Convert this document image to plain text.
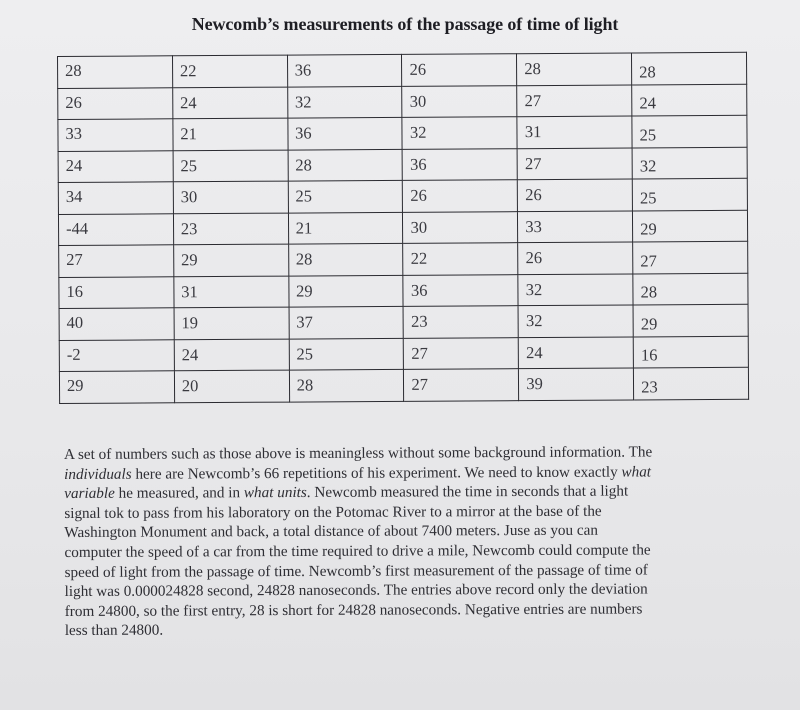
Newcomb’s measurements of the passage of time of light
28	22	36	26	28	28
26	24	32	30	27	24
33	21	36	32	31	25
24	25	28	36	27	32
34	30	25	26	26	25
-44	23	21	30	33	29
27	29	28	22	26	27
16	31	29	36	32	28
40	19	37	23	32	29
-2	24	25	27	24	16
29	20	28	27	39	23
A set of numbers such as those above is meaningless without some background information. The
individuals here are Newcomb’s 66 repetitions of his experiment. We need to know exactly what
variable he measured, and in what units. Newcomb measured the time in seconds that a light
signal tok to pass from his laboratory on the Potomac River to a mirror at the base of the
Washington Monument and back, a total distance of about 7400 meters. Juse as you can
computer the speed of a car from the time required to drive a mile, Newcomb could compute the
speed of light from the passage of time. Newcomb’s first measurement of the passage of time of
light was 0.000024828 second, 24828 nanoseconds. The entries above record only the deviation
from 24800, so the first entry, 28 is short for 24828 nanoseconds. Negative entries are numbers
less than 24800.
